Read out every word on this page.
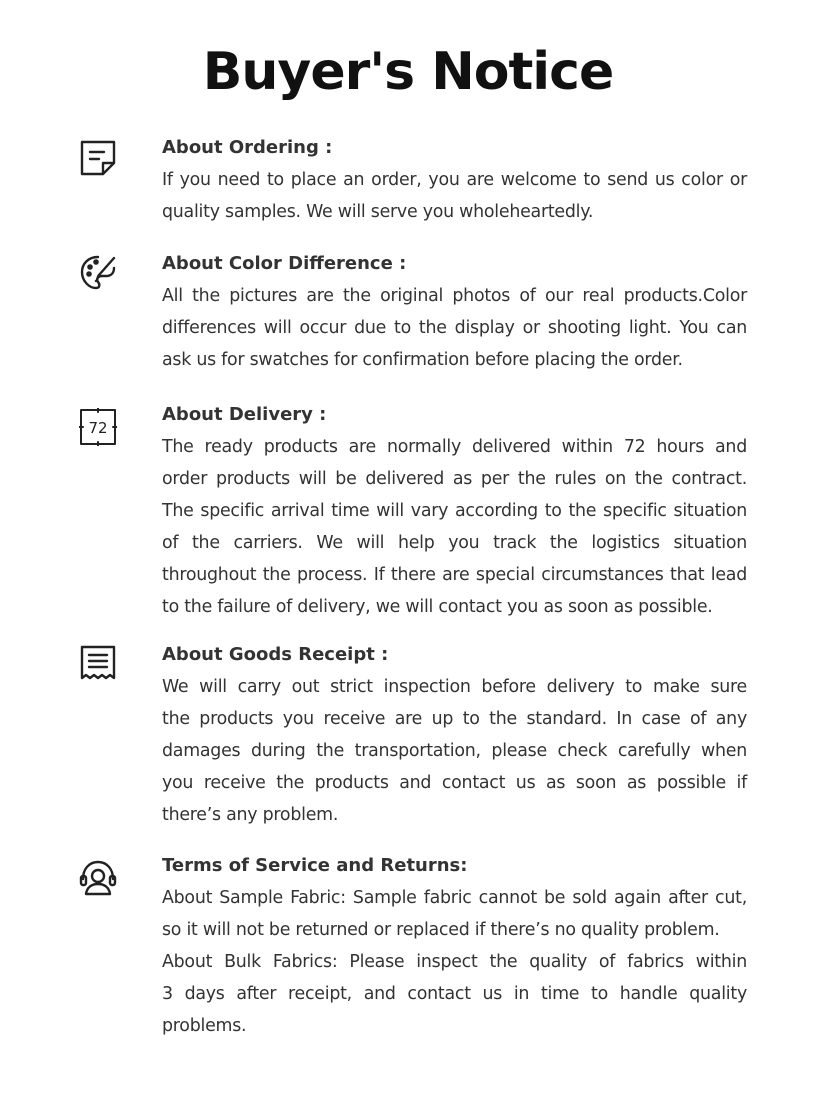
Buyer's Notice
About Ordering :
If you need to place an order, you are welcome to send us color or
quality samples. We will serve you wholeheartedly.
About Color Difference :
All the pictures are the original photos of our real products.Color
differences will occur due to the display or shooting light. You can
ask us for swatches for confirmation before placing the order.
72
About Delivery :
The ready products are normally delivered within 72 hours and
order products will be delivered as per the rules on the contract.
The specific arrival time will vary according to the specific situation
of the carriers. We will help you track the logistics situation
throughout the process. If there are special circumstances that lead
to the failure of delivery, we will contact you as soon as possible.
About Goods Receipt :
We will carry out strict inspection before delivery to make sure
the products you receive are up to the standard. In case of any
damages during the transportation, please check carefully when
you receive the products and contact us as soon as possible if
there’s any problem.
Terms of Service and Returns:
About Sample Fabric: Sample fabric cannot be sold again after cut,
so it will not be returned or replaced if there’s no quality problem.
About Bulk Fabrics: Please inspect the quality of fabrics within
3 days after receipt, and contact us in time to handle quality
problems.
